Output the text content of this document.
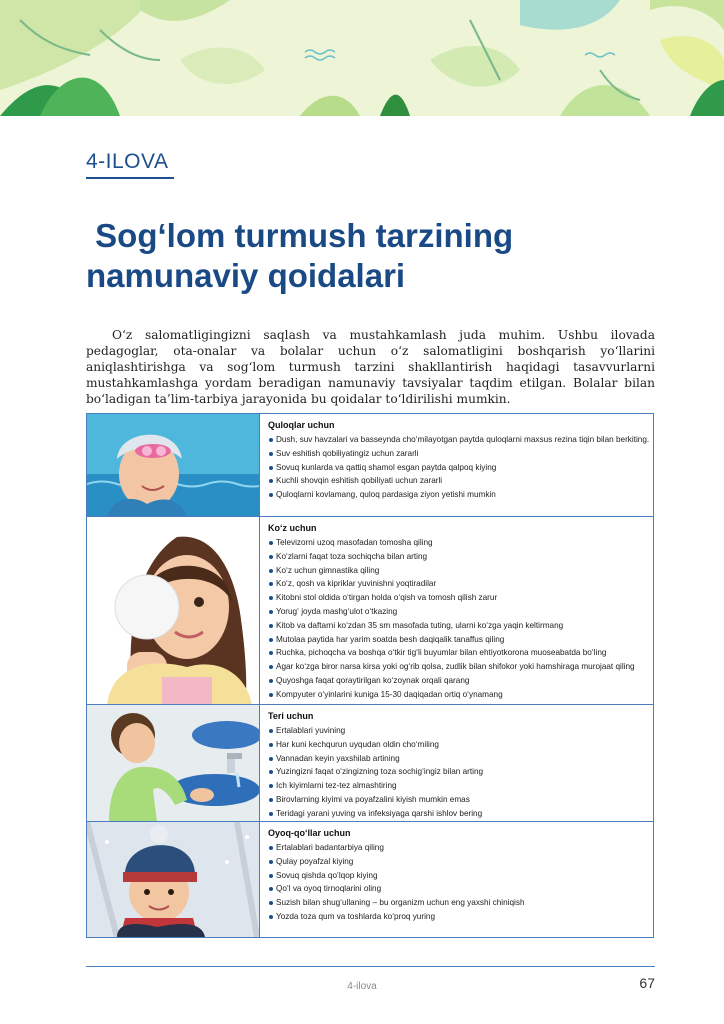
4-ILOVA
Sog‘lom turmush tarzining
namunaviy qoidalari

O‘z salomatligingizni saqlash va mustahkamlash juda muhim. Ushbu ilovada pedagoglar, ota-onalar va bolalar uchun o‘z salomatligini boshqarish yo‘llarini aniqlashtirishga va sog‘lom turmush tarzini shakllantirish haqidagi tasavvurlarni mustahkamlashga yordam beradigan namunaviy tavsiyalar taqdim etilgan. Bolalar bilan bo‘ladigan ta’lim-tarbiya jarayonida bu qoidalar to‘ldirilishi mumkin.

Quloqlar uchun
Dush, suv havzalari va basseynda cho‘milayotgan paytda quloqlarni maxsus rezina tiqin bilan berkiting.
Suv eshitish qobiliyatingiz uchun zararli
Sovuq kunlarda va qattiq shamol esgan paytda qalpoq kiying
Kuchli shovqin eshitish qobiliyati uchun zararli
Quloqlarni kovlamang, quloq pardasiga ziyon yetishi mumkin
Ko‘z uchun
Televizorni uzoq masofadan tomosha qiling
Ko‘zlarni faqat toza sochiqcha bilan arting
Ko‘z uchun gimnastika qiling
Ko‘z, qosh va kipriklar yuvinishni yoqtiradilar
Kitobni stol oldida o‘tirgan holda o‘qish va tomosh qilish zarur
Yorug‘ joyda mashg‘ulot o‘tkazing
Kitob va daftarni ko‘zdan 35 sm masofada tuting, ularni ko‘zga yaqin keltirmang
Mutolaa paytida har yarim soatda besh daqiqalik tanaffus qiling
Ruchka, pichoqcha va boshqa o‘tkir tig‘li buyumlar bilan ehtiyotkorona muoseabatda bo‘ling
Agar ko‘zga biror narsa kirsa yoki og‘rib qolsa, zudlik bilan shifokor yoki hamshiraga murojaat qiling
Quyoshga faqat qoraytirilgan ko‘zoynak orqali qarang
Kompyuter o‘yinlarini kuniga 15-30 daqiqadan ortiq o‘ynamang
Teri uchun
Ertalablari yuvining
Har kuni kechqurun uyqudan oldin cho‘miling
Vannadan keyin yaxshilab artining
Yuzingizni faqat o‘zingizning toza sochig‘ingiz bilan arting
Ich kiyimlarni tez-tez almashtiring
Birovlarning kiyimi va poyafzalini kiyish mumkin emas
Teridagi yarani yuving va infeksiyaga qarshi ishlov bering
Oyoq-qo‘llar uchun
Ertalablari badantarbiya qiling
Qulay poyafzal kiying
Sovuq qishda qo‘lqop kiying
Qo‘l va oyoq tirnoqlarini oling
Suzish bilan shug‘ullaning – bu organizm uchun eng yaxshi chiniqish
Yozda toza qum va toshlarda ko‘proq yuring
4-ilova	67
